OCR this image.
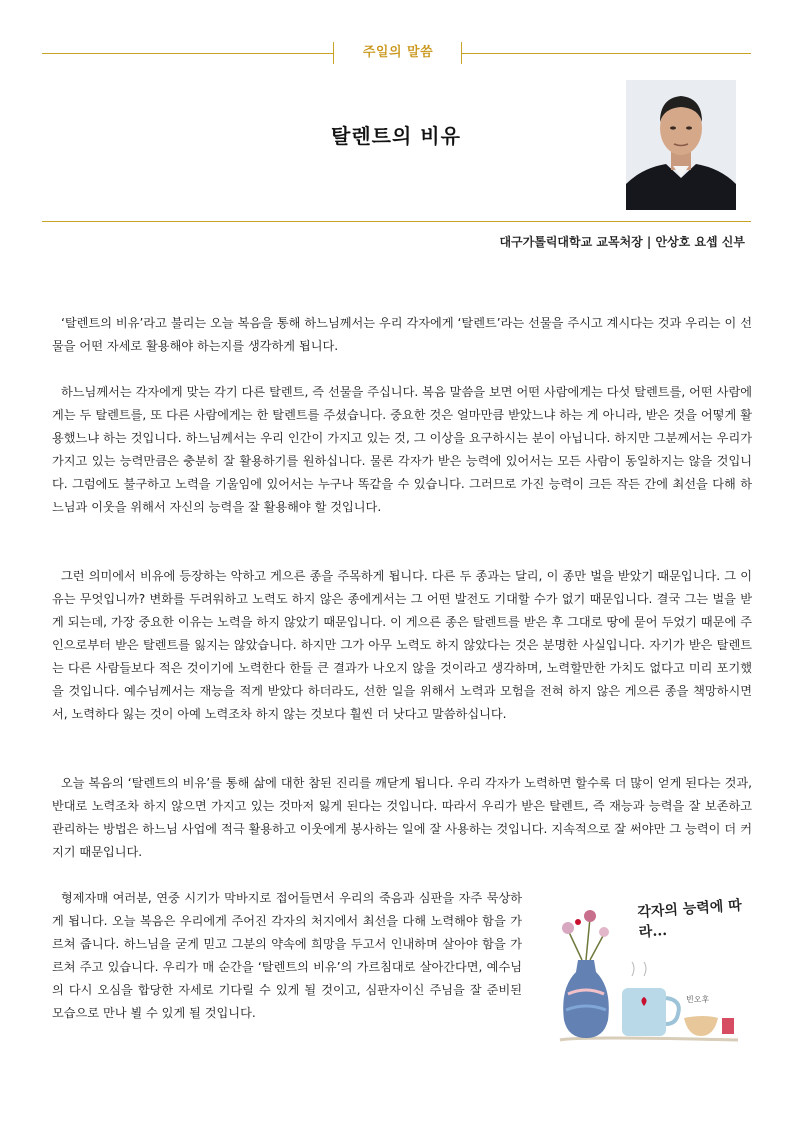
주일의 말씀
탈렌트의 비유
대구가톨릭대학교 교목처장 | 안상호 요셉 신부

‘탈렌트의 비유’라고 불리는 오늘 복음을 통해 하느님께서는 우리 각자에게 ‘탈렌트’라는 선물을 주시고 계시다는 것과 우리는 이 선물을 어떤 자세로 활용해야 하는지를 생각하게 됩니다.

하느님께서는 각자에게 맞는 각기 다른 탈렌트, 즉 선물을 주십니다. 복음 말씀을 보면 어떤 사람에게는 다섯 탈렌트를, 어떤 사람에게는 두 탈렌트를, 또 다른 사람에게는 한 탈렌트를 주셨습니다. 중요한 것은 얼마만큼 받았느냐 하는 게 아니라, 받은 것을 어떻게 활용했느냐 하는 것입니다. 하느님께서는 우리 인간이 가지고 있는 것, 그 이상을 요구하시는 분이 아닙니다. 하지만 그분께서는 우리가 가지고 있는 능력만큼은 충분히 잘 활용하기를 원하십니다. 물론 각자가 받은 능력에 있어서는 모든 사람이 동일하지는 않을 것입니다. 그럼에도 불구하고 노력을 기울임에 있어서는 누구나 똑같을 수 있습니다. 그러므로 가진 능력이 크든 작든 간에 최선을 다해 하느님과 이웃을 위해서 자신의 능력을 잘 활용해야 할 것입니다.

그런 의미에서 비유에 등장하는 악하고 게으른 종을 주목하게 됩니다. 다른 두 종과는 달리, 이 종만 벌을 받았기 때문입니다. 그 이유는 무엇입니까? 변화를 두려워하고 노력도 하지 않은 종에게서는 그 어떤 발전도 기대할 수가 없기 때문입니다. 결국 그는 벌을 받게 되는데, 가장 중요한 이유는 노력을 하지 않았기 때문입니다. 이 게으른 종은 탈렌트를 받은 후 그대로 땅에 묻어 두었기 때문에 주인으로부터 받은 탈렌트를 잃지는 않았습니다. 하지만 그가 아무 노력도 하지 않았다는 것은 분명한 사실입니다. 자기가 받은 탈렌트는 다른 사람들보다 적은 것이기에 노력한다 한들 큰 결과가 나오지 않을 것이라고 생각하며, 노력할만한 가치도 없다고 미리 포기했을 것입니다. 예수님께서는 재능을 적게 받았다 하더라도, 선한 일을 위해서 노력과 모험을 전혀 하지 않은 게으른 종을 책망하시면서, 노력하다 잃는 것이 아예 노력조차 하지 않는 것보다 훨씬 더 낫다고 말씀하십니다.

오늘 복음의 ‘탈렌트의 비유’를 통해 삶에 대한 참된 진리를 깨닫게 됩니다. 우리 각자가 노력하면 할수록 더 많이 얻게 된다는 것과, 반대로 노력조차 하지 않으면 가지고 있는 것마저 잃게 된다는 것입니다. 따라서 우리가 받은 탈렌트, 즉 재능과 능력을 잘 보존하고 관리하는 방법은 하느님 사업에 적극 활용하고 이웃에게 봉사하는 일에 잘 사용하는 것입니다. 지속적으로 잘 써야만 그 능력이 더 커지기 때문입니다.

형제자매 여러분, 연중 시기가 막바지로 접어들면서 우리의 죽음과 심판을 자주 묵상하게 됩니다. 오늘 복음은 우리에게 주어진 각자의 처지에서 최선을 다해 노력해야 함을 가르쳐 줍니다. 하느님을 굳게 믿고 그분의 약속에 희망을 두고서 인내하며 살아야 함을 가르쳐 주고 있습니다. 우리가 매 순간을 ‘탈렌트의 비유’의 가르침대로 살아간다면, 예수님의 다시 오심을 합당한 자세로 기다릴 수 있게 될 것이고, 심판자이신 주님을 잘 준비된 모습으로 만나 뵐 수 있게 될 것입니다.

각자의 능력에 따라...
빈오후
